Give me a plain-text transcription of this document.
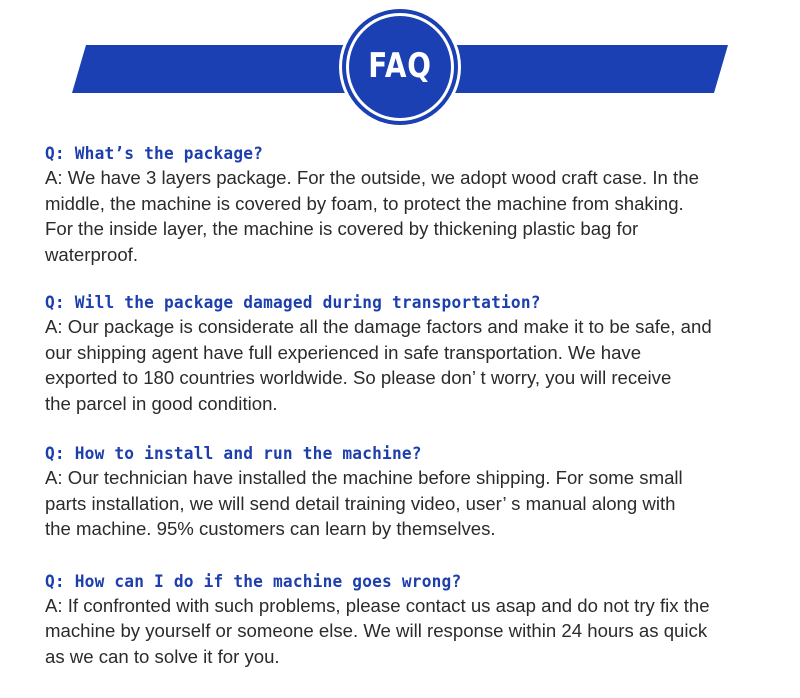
FAQ
Q: What’s the package?
A: We have 3 layers package. For the outside, we adopt wood craft case. In the
middle, the machine is covered by foam, to protect the machine from shaking.
For the inside layer, the machine is covered by thickening plastic bag for
waterproof.
Q: Will the package damaged during transportation?
A: Our package is considerate all the damage factors and make it to be safe, and
our shipping agent have full experienced in safe transportation. We have
exported to 180 countries worldwide. So please don’ t worry, you will receive
the parcel in good condition.
Q: How to install and run the machine?
A: Our technician have installed the machine before shipping. For some small
parts installation, we will send detail training video, user’ s manual along with
the machine. 95% customers can learn by themselves.
Q: How can I do if the machine goes wrong?
A: If confronted with such problems, please contact us asap and do not try fix the
machine by yourself or someone else. We will response within 24 hours as quick
as we can to solve it for you.
